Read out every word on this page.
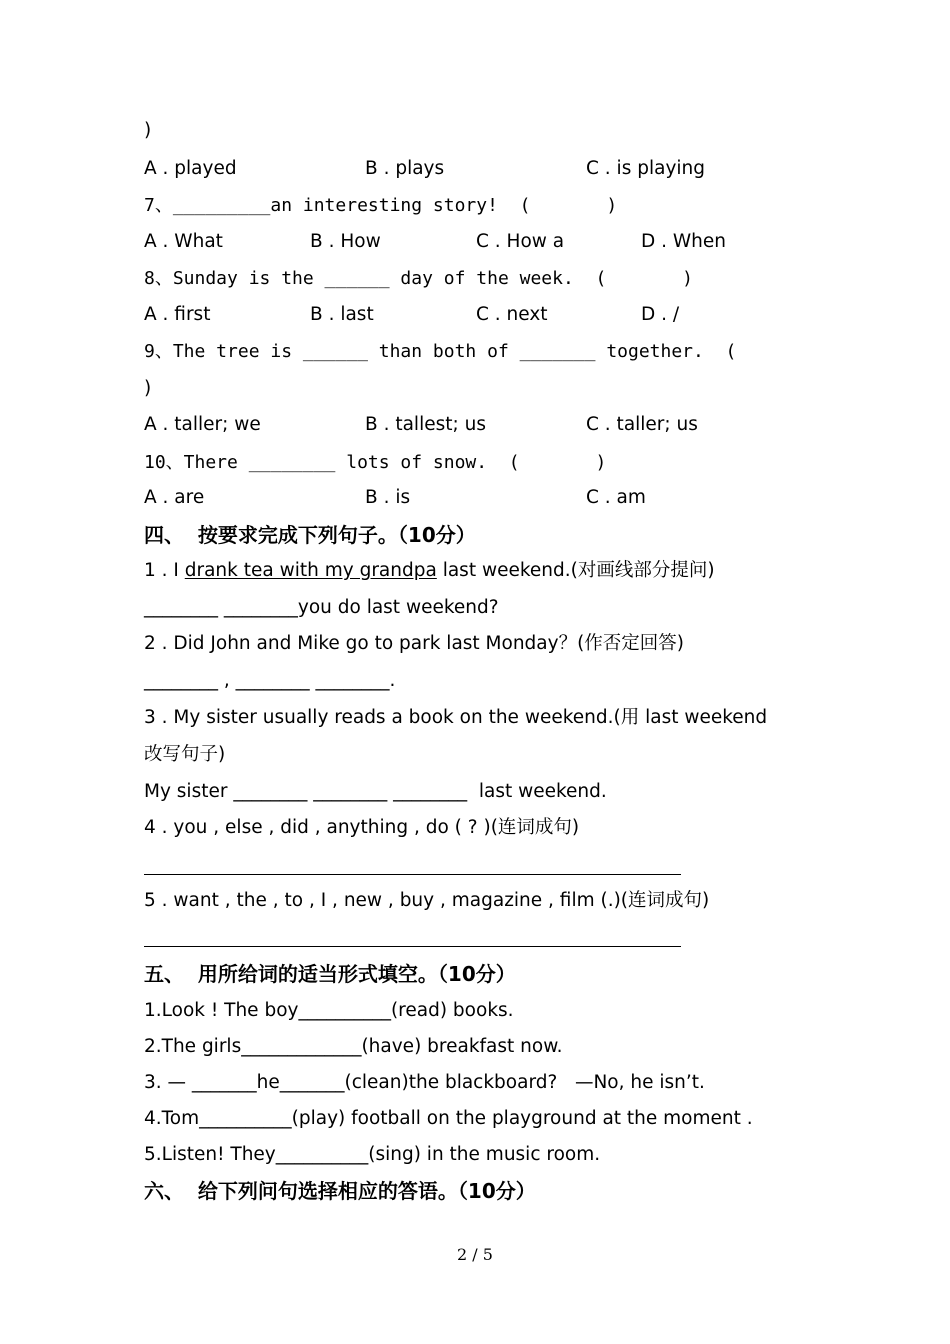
)
A . played	B . plays	C . is playing
7、_________an interesting story!  (       )
A . What	B . How	C . How a	D . When
8、Sunday is the ______ day of the week.  (       )
A . first	B . last	C . next	D . /
9、The tree is ______ than both of _______ together.  (
)
A . taller; we	B . tallest; us	C . taller; us
10、There ________ lots of snow.  (       )
A . are	B . is	C . am
四、  按要求完成下列句子。（10分）
1 . I drank tea with my grandpa last weekend.(对画线部分提问)
________ ________you do last weekend?
2 . Did John and Mike go to park last Monday？(作否定回答)
________ , ________ ________.
3 . My sister usually reads a book on the weekend.(用 last weekend
改写句子)
My sister ________ ________ ________  last weekend.
4 . you , else , did , anything , do ( ? )(连词成句)
5 . want , the , to , I , new , buy , magazine , film (.)(连词成句)
五、  用所给词的适当形式填空。（10分）
1.Look ! The boy__________(read) books.
2.The girls_____________(have) breakfast now.
3. — _______he_______(clean)the blackboard?   —No, he isn’t.
4.Tom__________(play) football on the playground at the moment .
5.Listen! They__________(sing) in the music room.
六、  给下列问句选择相应的答语。（10分）
2 / 5
